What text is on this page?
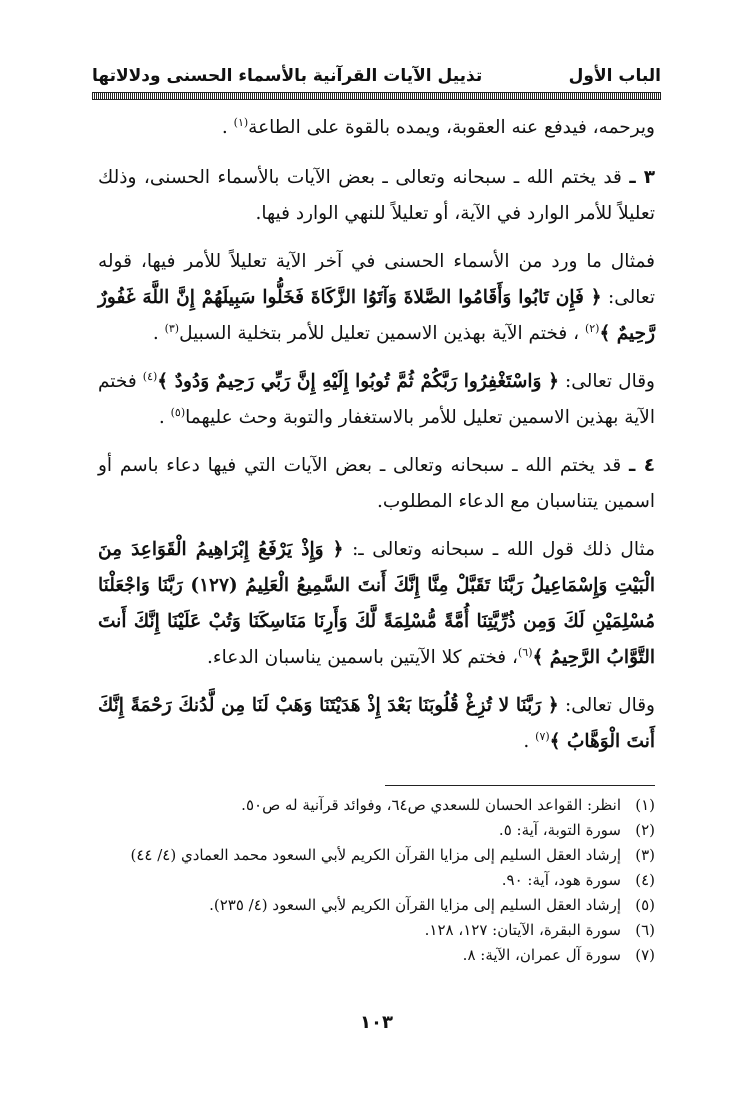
الباب الأول
تذييل الآيات القرآنية بالأسماء الحسنى ودلالاتها

ويرحمه، فيدفع عنه العقوبة، ويمده بالقوة على الطاعة$^{(١)}$ .

٣ ـ قد يختم الله ـ سبحانه وتعالى ـ بعض الآيات بالأسماء الحسنى، وذلك تعليلاً للأمر الوارد في الآية، أو تعليلاً للنهي الوارد فيها.

فمثال ما ورد من الأسماء الحسنى في آخر الآية تعليلاً للأمر فيها، قوله تعالى: ﴿ فَإِن تَابُوا وَأَقَامُوا الصَّلاةَ وَآتَوُا الزَّكَاةَ فَخَلُّوا سَبِيلَهُمْ إِنَّ اللَّهَ غَفُورٌ رَّحِيمٌ ﴾$^{(٢)}$ ، فختم الآية بهذين الاسمين تعليل للأمر بتخلية السبيل$^{(٣)}$ .

وقال تعالى: ﴿ وَاسْتَغْفِرُوا رَبَّكُمْ ثُمَّ تُوبُوا إِلَيْهِ إِنَّ رَبِّي رَحِيمٌ وَدُودٌ ﴾$^{(٤)}$ فختم الآية بهذين الاسمين تعليل للأمر بالاستغفار والتوبة وحث عليهما$^{(٥)}$ .

٤ ـ قد يختم الله ـ سبحانه وتعالى ـ بعض الآيات التي فيها دعاء باسم أو اسمين يتناسبان مع الدعاء المطلوب.

مثال ذلك قول الله ـ سبحانه وتعالى ـ: ﴿ وَإِذْ يَرْفَعُ إِبْرَاهِيمُ الْقَوَاعِدَ مِنَ الْبَيْتِ وَإِسْمَاعِيلُ رَبَّنَا تَقَبَّلْ مِنَّا إِنَّكَ أَنتَ السَّمِيعُ الْعَلِيمُ (١٢٧) رَبَّنَا وَاجْعَلْنَا مُسْلِمَيْنِ لَكَ وَمِن ذُرِّيَّتِنَا أُمَّةً مُّسْلِمَةً لَّكَ وَأَرِنَا مَنَاسِكَنَا وَتُبْ عَلَيْنَا إِنَّكَ أَنتَ التَّوَّابُ الرَّحِيمُ ﴾$^{(٦)}$، فختم كلا الآيتين باسمين يناسبان الدعاء.

وقال تعالى: ﴿ رَبَّنَا لا تُزِغْ قُلُوبَنَا بَعْدَ إِذْ هَدَيْتَنَا وَهَبْ لَنَا مِن لَّدُنكَ رَحْمَةً إِنَّكَ أَنتَ الْوَهَّابُ ﴾$^{(٧)}$ .

(١)
انظر: القواعد الحسان للسعدي ص٦٤، وفوائد قرآنية له ص٥٠.
(٢)
سورة التوبة، آية: ٥.
(٣)
إرشاد العقل السليم إلى مزايا القرآن الكريم لأبي السعود محمد العمادي (٤/ ٤٤)
(٤)
سورة هود، آية: ٩٠.
(٥)
إرشاد العقل السليم إلى مزايا القرآن الكريم لأبي السعود (٤/ ٢٣٥).
(٦)
سورة البقرة، الآيتان: ١٢٧، ١٢٨.
(٧)
سورة آل عمران، الآية: ٨.
١٠٣
